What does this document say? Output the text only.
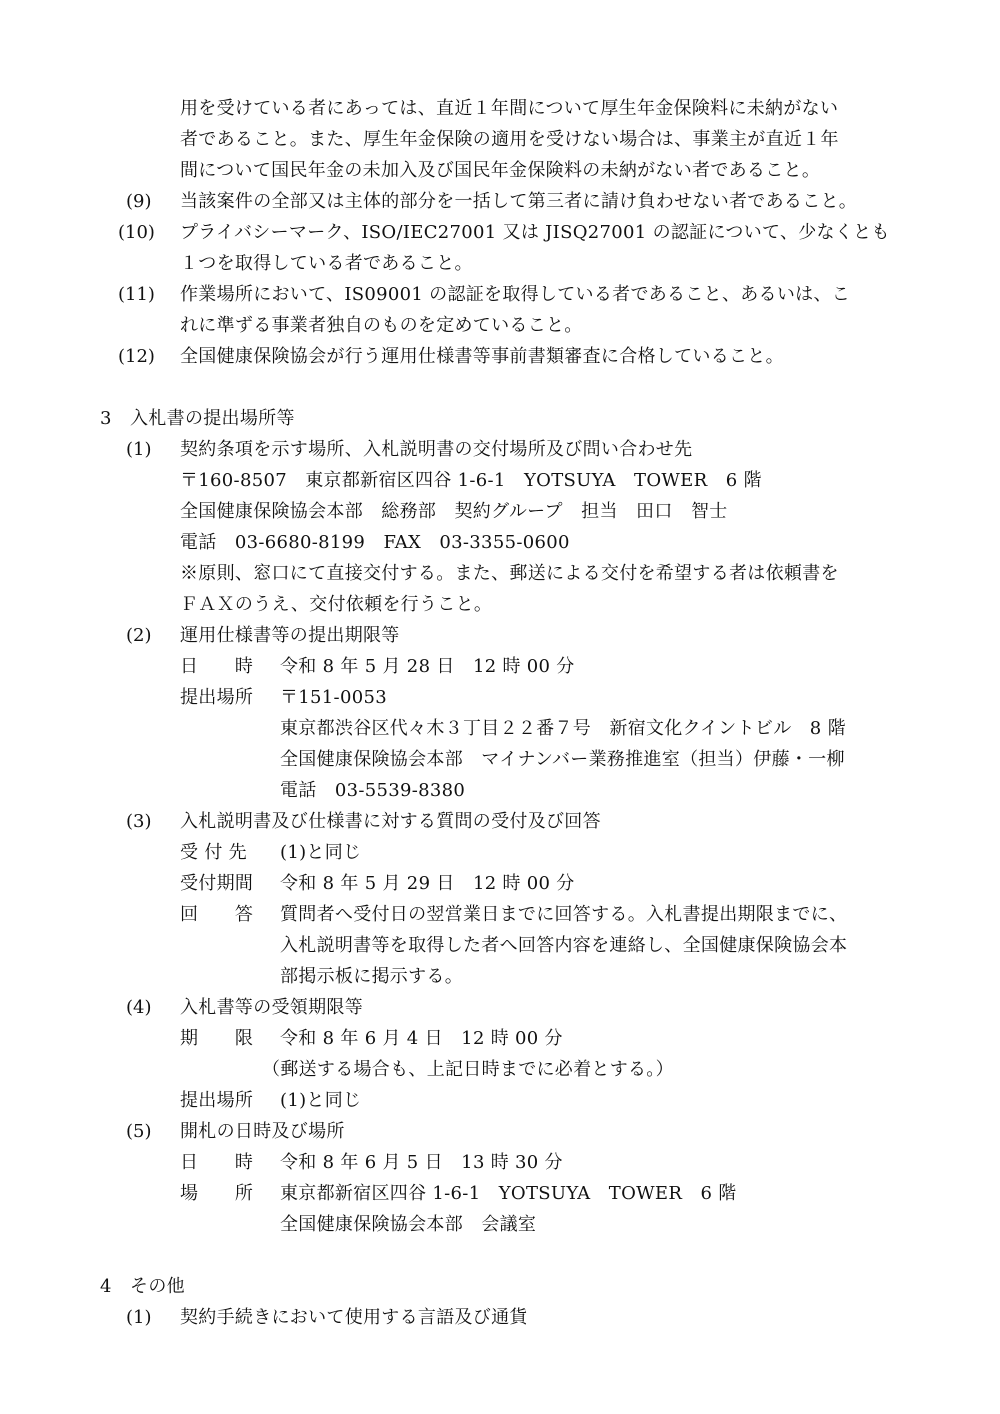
用を受けている者にあっては、直近１年間について厚生年金保険料に未納がない
者であること。また、厚生年金保険の適用を受けない場合は、事業主が直近１年
間について国民年金の未加入及び国民年金保険料の未納がない者であること。
(9) 当該案件の全部又は主体的部分を一括して第三者に請け負わせない者であること。
(10) プライバシーマーク、ISO/IEC27001 又は JISQ27001 の認証について、少なくとも
１つを取得している者であること。
(11) 作業場所において、IS09001 の認証を取得している者であること、あるいは、こ
れに準ずる事業者独自のものを定めていること。
(12) 全国健康保険協会が行う運用仕様書等事前書類審査に合格していること。
3　入札書の提出場所等
(1) 契約条項を示す場所、入札説明書の交付場所及び問い合わせ先
〒160-8507　東京都新宿区四谷 1-6-1　YOTSUYA　TOWER　6 階
全国健康保険協会本部　総務部　契約グループ　担当　田口　智士
電話　03-6680-8199　FAX　03-3355-0600
※原則、窓口にて直接交付する。また、郵送による交付を希望する者は依頼書を
ＦＡＸのうえ、交付依頼を行うこと。
(2) 運用仕様書等の提出期限等
日　　時 令和 8 年 5 月 28 日　12 時 00 分
提出場所 〒151-0053
東京都渋谷区代々木３丁目２２番７号　新宿文化クイントビル　8 階
全国健康保険協会本部　マイナンバー業務推進室（担当）伊藤・一柳
電話　03-5539-8380
(3) 入札説明書及び仕様書に対する質問の受付及び回答
受 付 先 (1)と同じ
受付期間 令和 8 年 5 月 29 日　12 時 00 分
回　　答 質問者へ受付日の翌営業日までに回答する。入札書提出期限までに、
入札説明書等を取得した者へ回答内容を連絡し、全国健康保険協会本
部掲示板に掲示する。
(4) 入札書等の受領期限等
期　　限 令和 8 年 6 月 4 日　12 時 00 分
（郵送する場合も、上記日時までに必着とする。）
提出場所 (1)と同じ
(5) 開札の日時及び場所
日　　時 令和 8 年 6 月 5 日　13 時 30 分
場　　所 東京都新宿区四谷 1-6-1　YOTSUYA　TOWER　6 階
全国健康保険協会本部　会議室
4　その他
(1) 契約手続きにおいて使用する言語及び通貨
